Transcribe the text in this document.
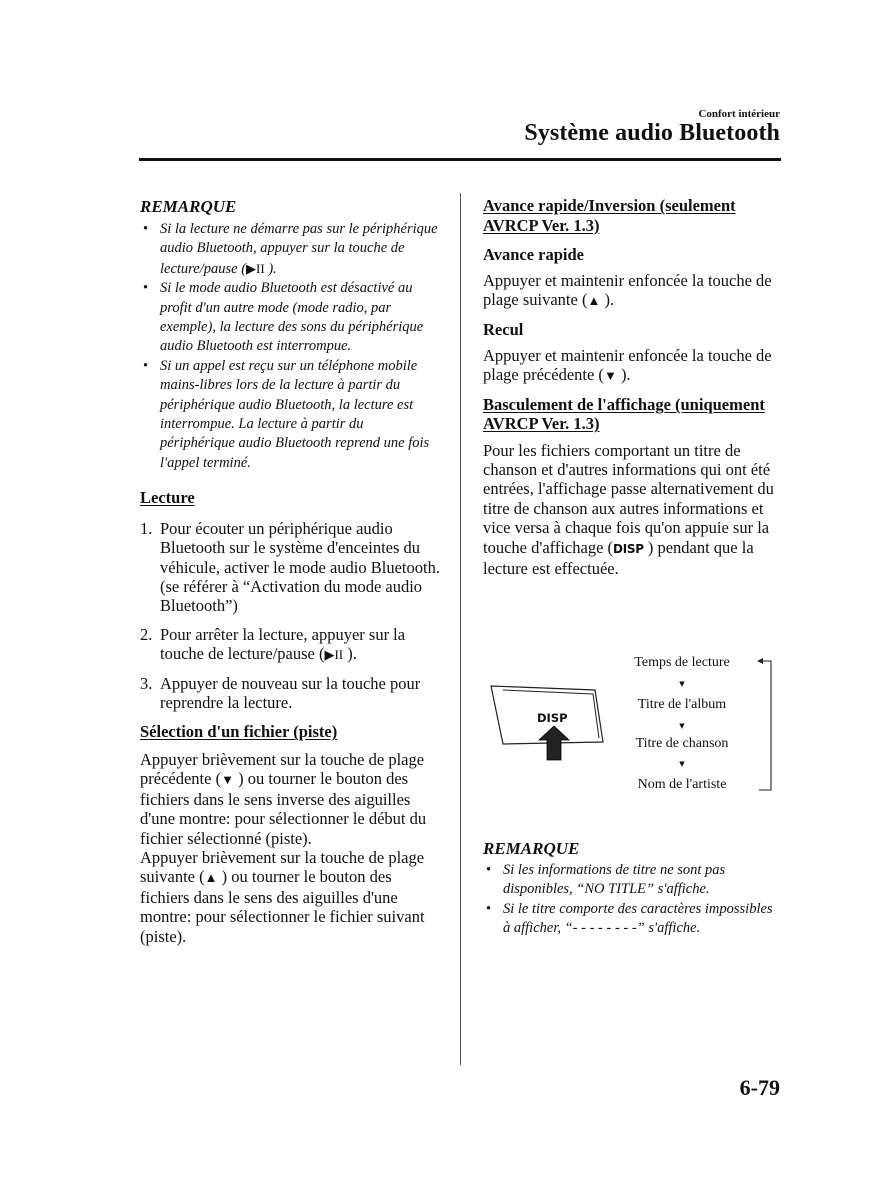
Confort intérieur
Système audio Bluetooth
REMARQUE
• Si la lecture ne démarre pas sur le périphérique audio Bluetooth, appuyer sur la touche de lecture/pause (▶II ).
• Si le mode audio Bluetooth est désactivé au profit d'un autre mode (mode radio, par exemple), la lecture des sons du périphérique audio Bluetooth est interrompue.
• Si un appel est reçu sur un téléphone mobile mains-libres lors de la lecture à partir du périphérique audio Bluetooth, la lecture est interrompue. La lecture à partir du périphérique audio Bluetooth reprend une fois l'appel terminé.
Lecture
1. Pour écouter un périphérique audio Bluetooth sur le système d'enceintes du véhicule, activer le mode audio Bluetooth. (se référer à “Activation du mode audio Bluetooth”)
2. Pour arrêter la lecture, appuyer sur la touche de lecture/pause (▶II ).
3. Appuyer de nouveau sur la touche pour reprendre la lecture.
Sélection d'un fichier (piste)
Appuyer brièvement sur la touche de plage précédente (▼ ) ou tourner le bouton des fichiers dans le sens inverse des aiguilles d'une montre: pour sélectionner le début du fichier sélectionné (piste).
Appuyer brièvement sur la touche de plage suivante (▲ ) ou tourner le bouton des fichiers dans le sens des aiguilles d'une montre: pour sélectionner le fichier suivant (piste).
Avance rapide/Inversion (seulement AVRCP Ver. 1.3)
Avance rapide
Appuyer et maintenir enfoncée la touche de plage suivante (▲ ).
Recul
Appuyer et maintenir enfoncée la touche de plage précédente (▼ ).
Basculement de l'affichage (uniquement AVRCP Ver. 1.3)
Pour les fichiers comportant un titre de chanson et d'autres informations qui ont été entrées, l'affichage passe alternativement du titre de chanson aux autres informations et vice versa à chaque fois qu'on appuie sur la touche d'affichage (DISP ) pendant que la lecture est effectuée.
DISP
Temps de lecture
▼
Titre de l'album
▼
Titre de chanson
▼
Nom de l'artiste
REMARQUE
• Si les informations de titre ne sont pas disponibles, “NO TITLE” s'affiche.
• Si le titre comporte des caractères impossibles à afficher, “- - - - - - - -” s'affiche.
6-79
